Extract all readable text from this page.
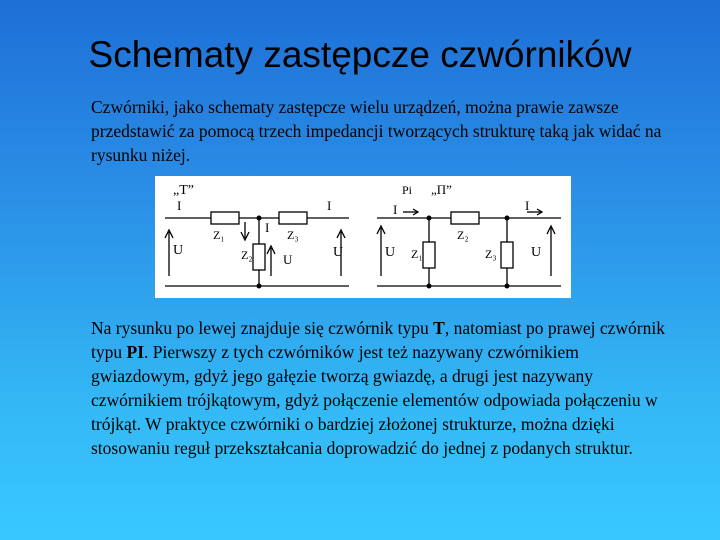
Schematy zastępcze czwórników

Czwórniki, jako schematy zastępcze wielu urządzeń, można prawie zawsze przedstawić za pomocą trzech impedancji tworzących strukturę taką jak widać na rysunku niżej.

„T”
I
U
Z₁	I Z₃
Z₂ U
I
U
Pi „П”
I
U Z₁
Z₂
Z₃
I
U

Na rysunku po lewej znajduje się czwórnik typu T, natomiast po prawej czwórnik typu PI. Pierwszy z tych czwórników jest też nazywany czwórnikiem gwiazdowym, gdyż jego gałęzie tworzą gwiazdę, a drugi jest nazywany czwórnikiem trójkątowym, gdyż połączenie elementów odpowiada połączeniu w trójkąt. W praktyce czwórniki o bardziej złożonej strukturze, można dzięki stosowaniu reguł przekształcania doprowadzić do jednej z podanych struktur.
